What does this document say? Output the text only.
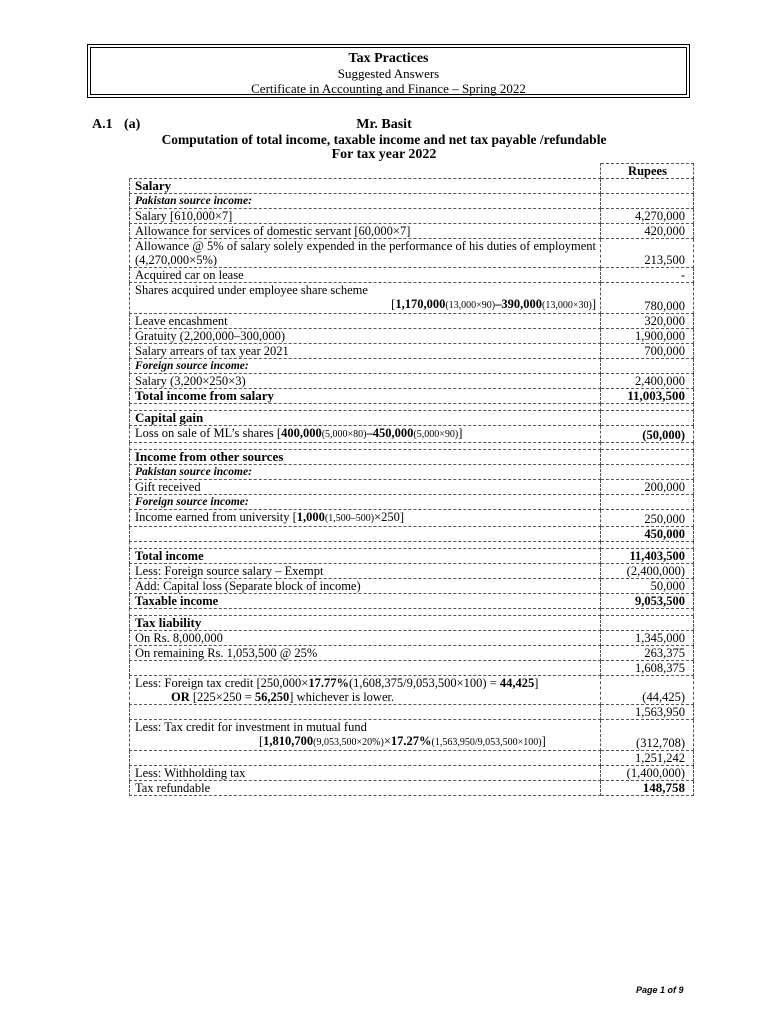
Tax Practices
Suggested Answers
Certificate in Accounting and Finance – Spring 2022
A.1 (a)	Mr. Basit
Computation of total income, taxable income and net tax payable /refundable
For tax year 2022
	Rupees
Salary	
Pakistan source income:	
Salary [610,000×7]	4,270,000
Allowance for services of domestic servant [60,000×7]	420,000
Allowance @ 5% of salary solely expended in the performance of his duties of employment (4,270,000×5%)	213,500
Acquired car on lease	-

Shares acquired under employee share scheme
[1,170,000(13,000×90)–390,000(13,000×30)]	780,000
Leave encashment	320,000
Gratuity (2,200,000–300,000)	1,900,000
Salary arrears of tax year 2021	700,000
Foreign source income:	
Salary (3,200×250×3)	2,400,000
Total income from salary	11,003,500

Capital gain	
Loss on sale of ML’s shares [400,000(5,000×80)–450,000(5,000×90)]	(50,000)

Income from other sources	
Pakistan source income:	
Gift received	200,000
Foreign source income:	
Income earned from university [1,000(1,500–500)×250]	250,000
	450,000

Total income	11,403,500
Less: Foreign source salary – Exempt	(2,400,000)
Add: Capital loss (Separate block of income)	50,000
Taxable income	9,053,500

Tax liability	
On Rs. 8,000,000	1,345,000
On remaining Rs. 1,053,500 @ 25%	263,375
	1,608,375

Less: Foreign tax credit [250,000×17.77%(1,608,375/9,053,500×100) = 44,425]
OR [225×250 = 56,250] whichever is lower.	(44,425)
	1,563,950

Less: Tax credit for investment in mutual fund
[1,810,700(9,053,500×20%)×17.27%(1,563,950/9,053,500×100)]	(312,708)
	1,251,242
Less: Withholding tax	(1,400,000)
Tax refundable	148,758
Page 1 of 9
